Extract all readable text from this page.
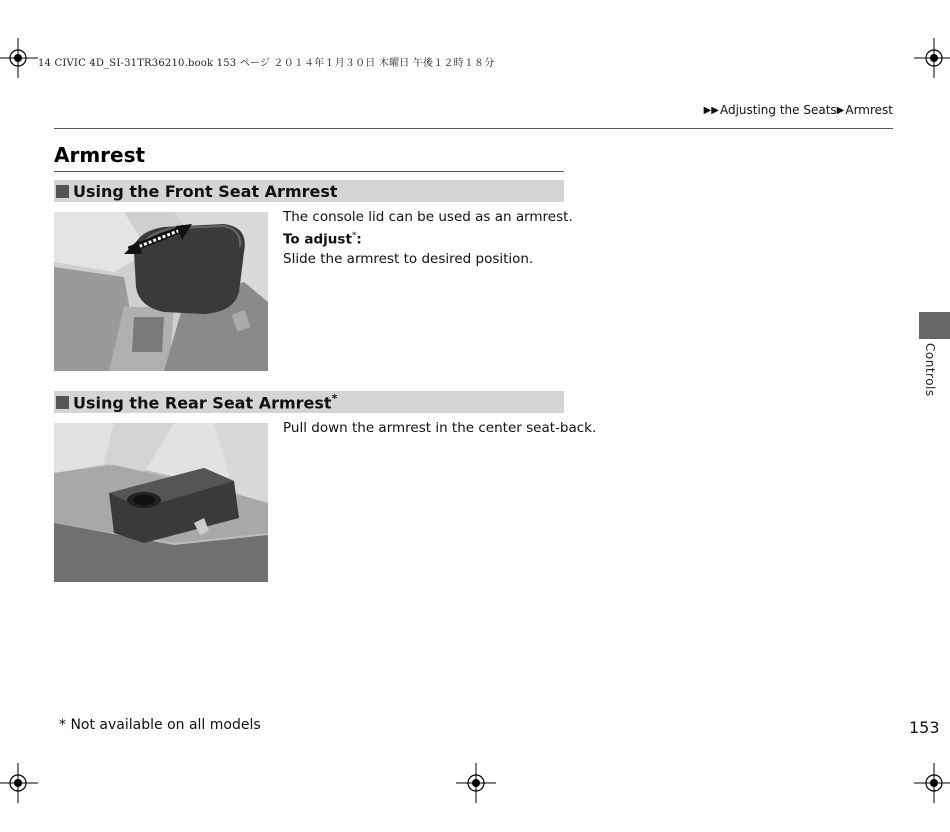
14 CIVIC 4D_SI-31TR36210.book 153 ページ ２０１４年１月３０日 木曜日 午後１２時１８分
▶▶ Adjusting the Seats ▶ Armrest
Armrest
Using the Front Seat Armrest
The console lid can be used as an armrest.
To adjust*:
Slide the armrest to desired position.
Using the Rear Seat Armrest*
Pull down the armrest in the center seat-back.
Controls
* Not available on all models	153
